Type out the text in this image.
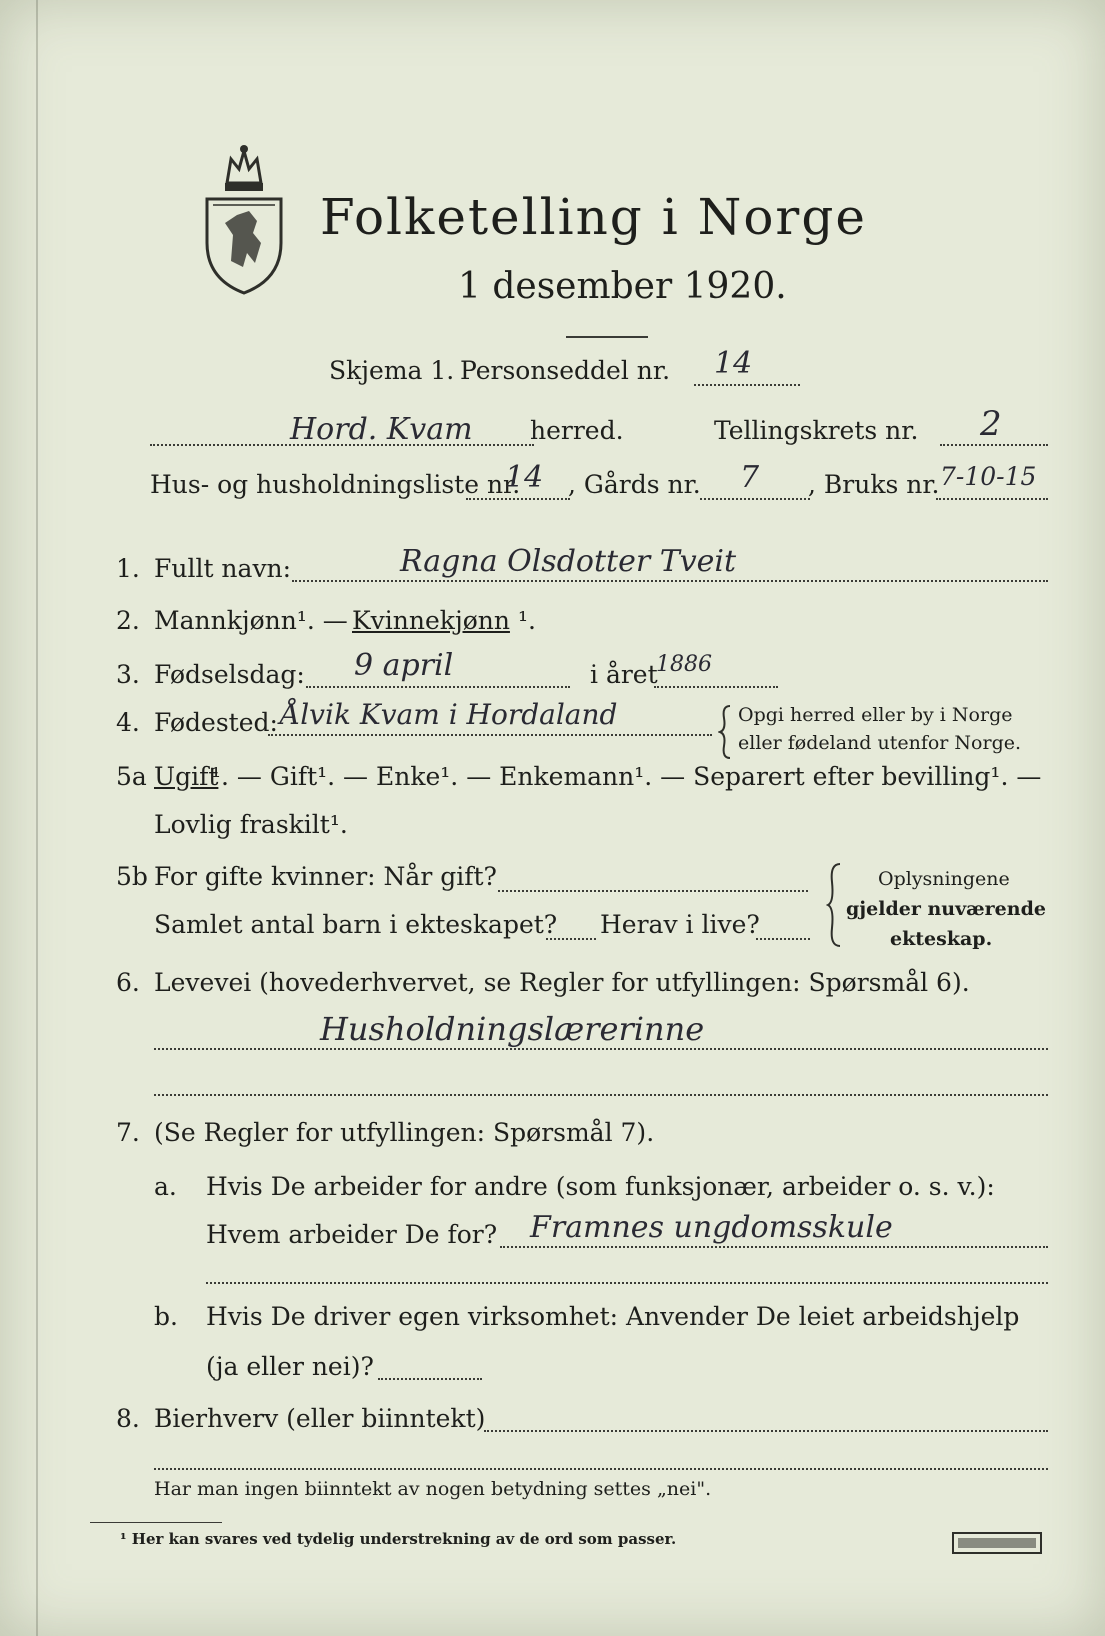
Folketelling i Norge
1 desember 1920.
Skjema 1. Personseddel nr. 14
Hord. Kvam herred.	Tellingskrets nr. 2
Hus- og husholdningsliste nr.
14 , Gårds nr. 7 , Bruks nr. 7-10-15
1. Fullt navn:	Ragna Olsdotter Tveit
2. Mannkjønn¹. — Kvinnekjønn ¹.
3. Fødselsdag: 9 april	i året
1886
4. Fødested: Ålvik Kvam i Hordaland	Opgi herred eller by i Norge
eller fødeland utenfor Norge.
5a Ugift
¹. — Gift¹. — Enke¹. — Enkemann¹. — Separert efter bevilling¹. —
Lovlig fraskilt¹.
5b For gifte kvinner: Når gift?
Samlet antal barn i ekteskapet? Herav i live?
Oplysningene
gjelder nuværende
ekteskap.
6. Levevei (hovederhvervet, se Regler for utfyllingen: Spørsmål 6).
Husholdningslærerinne
7. (Se Regler for utfyllingen: Spørsmål 7).
a. Hvis De arbeider for andre (som funksjonær, arbeider o. s. v.):
Hvem arbeider De for? Framnes ungdomsskule
b. Hvis De driver egen virksomhet: Anvender De leiet arbeidshjelp
(ja eller nei)?
8. Bierhverv (eller biinntekt)
Har man ingen biinntekt av nogen betydning settes „nei".
¹ Her kan svares ved tydelig understrekning av de ord som passer.
